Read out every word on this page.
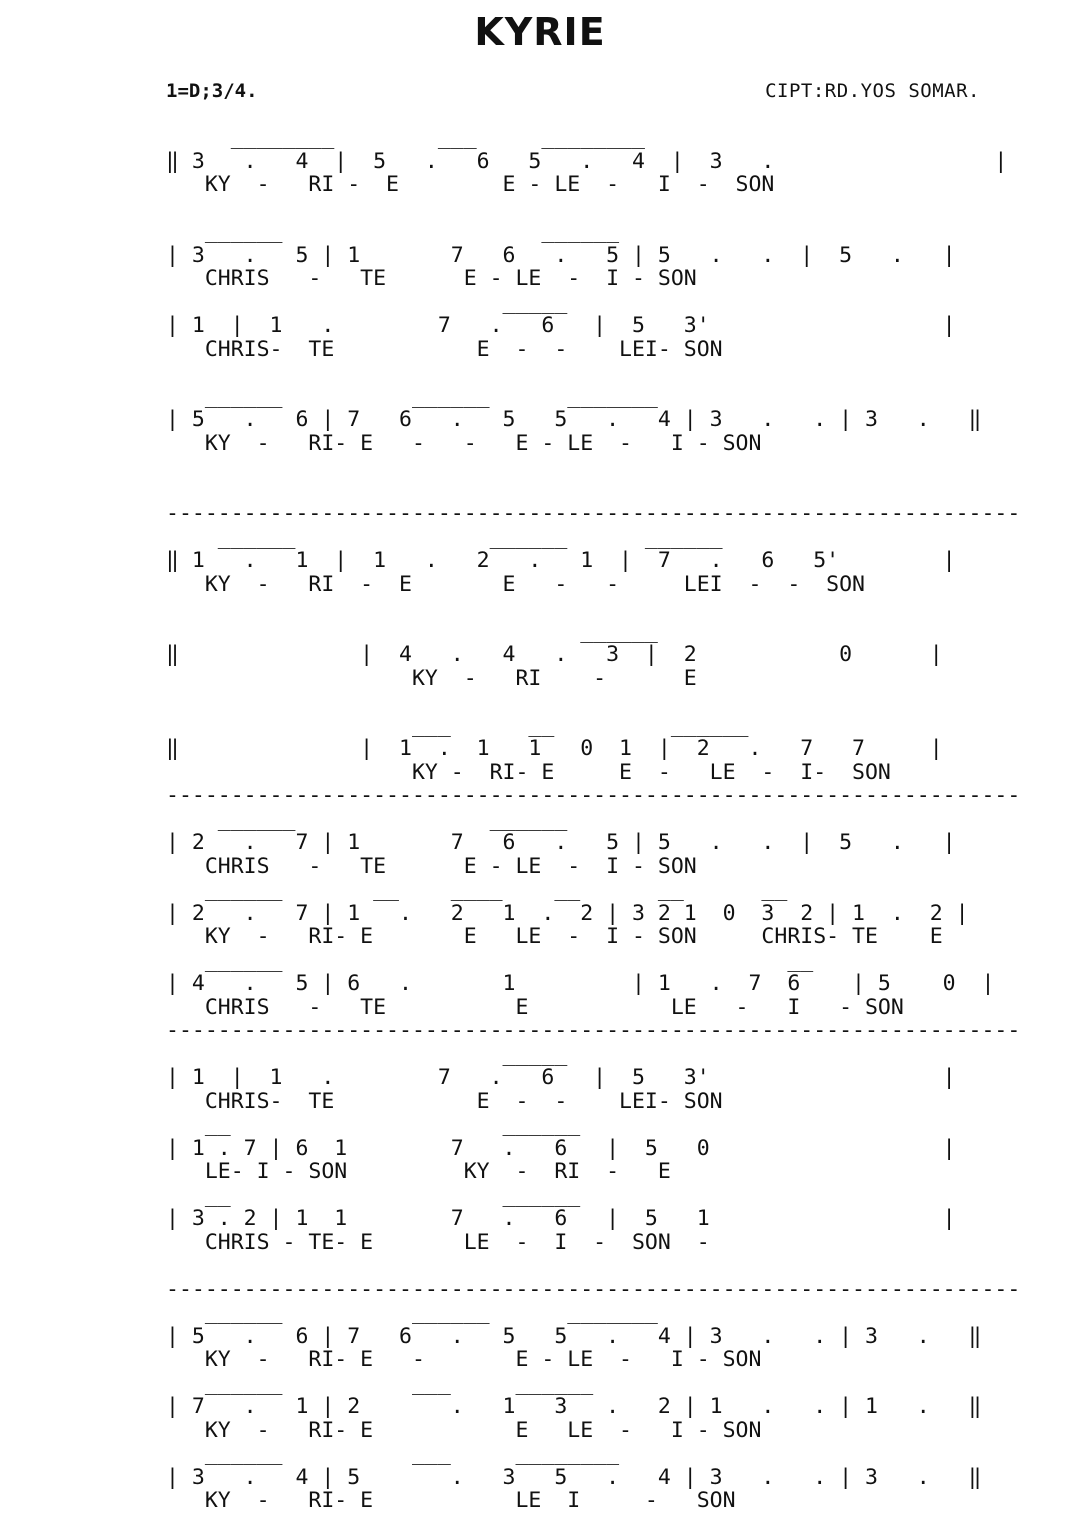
KYRIE
1=D;3/4.	CIPT:RD.YOS SOMAR.
________        ___     ________
‖ 3   .   4  |  5   .   6   5   .   4  |  3   .                 |
KY  -   RI -  E        E - LE  -   I  -  SON

______                    ______
| 3   .   5 | 1       7   6   .   5 | 5   .   .  |  5   .   |
CHRIS   -   TE      E - LE  -  I - SON
_____
| 1  |  1   .        7   .   6   |  5   3'                  |
CHRIS-  TE           E  -  -    LEI- SON

______          ______      _______
| 5   .   6 | 7   6   .   5   5   .   4 | 3   .   . | 3   .   ‖
KY  -   RI- E   -   -   E - LE  -   I - SON

------------------------------------------------------------------
______               ______      ______
‖ 1   .   1  |  1   .   2   .   1  |  7   .   6   5'        |
KY  -   RI  -  E       E   -   -     LEI  -  -  SON

______
‖              |  4   .   4   .   3  |  2           0      |
KY  -   RI    -      E

___      __         ______
‖              |  1  .  1   1   0  1  |  2   .   7   7     |
KY -  RI- E     E  -   LE  -  I-  SON
------------------------------------------------------------------
______               ______
| 2   .   7 | 1       7   6   .   5 | 5   .   .  |  5   .   |
CHRIS   -   TE      E - LE  -  I - SON
______       __    ____    __      __      __
| 2   .   7 | 1   .   2   1  .  2 | 3 2 1  0  3  2 | 1  .  2 |
KY  -   RI- E       E   LE  -  I - SON     CHRIS- TE    E
______                                       __
| 4   .   5 | 6   .       1         | 1   .  7  6    | 5    0  |
CHRIS   -   TE          E           LE   -   I   - SON
------------------------------------------------------------------
_____
| 1  |  1   .        7   .   6   |  5   3'                  |
CHRIS-  TE           E  -  -    LEI- SON
__                     ______
| 1 . 7 | 6  1        7   .   6   |  5   0                  |
LE- I - SON         KY  -  RI  -   E
__                     ______
| 3 . 2 | 1  1        7   .   6   |  5   1                  |
CHRIS - TE- E       LE  -  I  -  SON  -

------------------------------------------------------------------
______          ______      _______
| 5   .   6 | 7   6   .   5   5   .   4 | 3   .   . | 3   .   ‖
KY  -   RI- E   -       E - LE  -   I - SON
______          ___     ______
| 7   .   1 | 2       .   1   3   .   2 | 1   .   . | 1   .   ‖
KY  -   RI- E           E   LE  -   I - SON
______          ___     ________
| 3   .   4 | 5       .   3   5   .   4 | 3   .   . | 3   .   ‖
KY  -   RI- E           LE  I     -   SON
